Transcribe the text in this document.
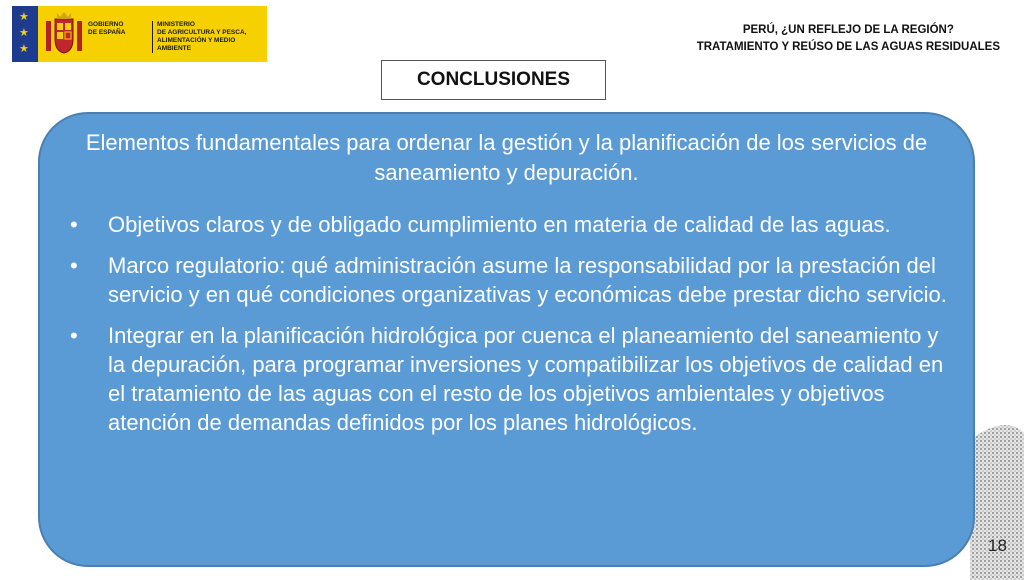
★
★
★
GOBIERNO
DE ESPAÑA
MINISTERIO
DE AGRICULTURA Y PESCA,
ALIMENTACIÓN Y MEDIO AMBIENTE
PERÚ, ¿UN REFLEJO DE LA REGIÓN?
TRATAMIENTO Y REÚSO DE LAS AGUAS RESIDUALES
CONCLUSIONES
Elementos fundamentales para ordenar la gestión y la planificación de los servicios de saneamiento y depuración.
• Objetivos claros y de obligado cumplimiento en materia de calidad de las aguas.
• Marco regulatorio: qué administración asume la responsabilidad por la prestación del servicio y en qué condiciones organizativas y económicas debe prestar dicho servicio.
• Integrar en la planificación hidrológica por cuenca el planeamiento del saneamiento y la depuración, para programar inversiones y compatibilizar los objetivos de calidad en el tratamiento de las aguas con el resto de los objetivos ambientales y objetivos atención de demandas definidos por los planes hidrológicos.
18
